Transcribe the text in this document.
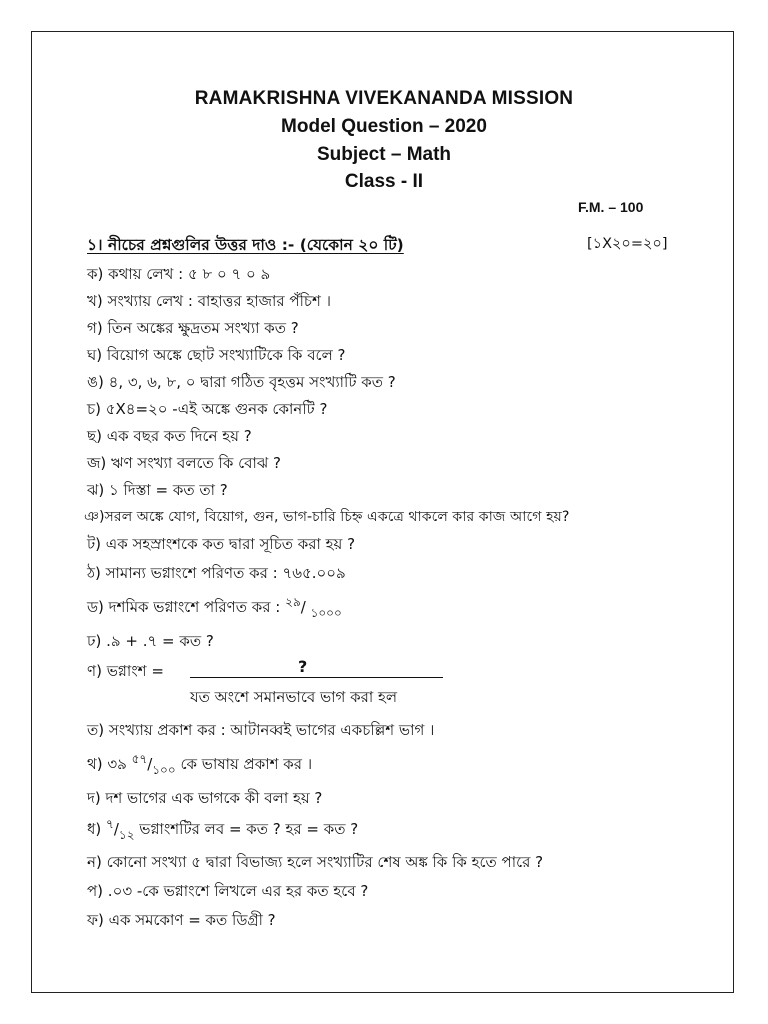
RAMAKRISHNA VIVEKANANDA MISSION
Model Question – 2020
Subject – Math
Class - II
F.M. – 100
১। নীচের প্রশ্নগুলির উত্তর দাও :- (যেকোন ২০ টি)	[১X২০=২০]
ক) কথায় লেখ : ৫ ৮ ০ ৭ ০ ৯
খ) সংখ্যায় লেখ : বাহাত্তর হাজার পঁচিশ ।
গ) তিন অঙ্কের ক্ষুদ্রতম সংখ্যা কত ?
ঘ) বিয়োগ অঙ্কে ছোট সংখ্যাটিকে কি বলে ?
ঙ) ৪, ৩, ৬, ৮, ০ দ্বারা গঠিত বৃহত্তম সংখ্যাটি কত ?
চ) ৫X৪=২০ -এই অঙ্কে গুনক কোনটি ?
ছ) এক বছর কত দিনে হয় ?
জ) ঋণ সংখ্যা বলতে কি বোঝ ?
ঝ) ১ দিস্তা = কত তা ?
ঞ)সরল অঙ্কে যোগ, বিয়োগ, গুন, ভাগ-চারি চিহ্ন একত্রে থাকলে কার কাজ আগে হয়?
ট) এক সহস্রাংশকে কত দ্বারা সূচিত করা হয় ?
ঠ) সামান্য ভগ্নাংশে পরিণত কর : ৭৬৫.০০৯
ড) দশমিক ভগ্নাংশে পরিণত কর : $^{২৯}$/ $_{১০০০}$
ঢ) .৯ + .৭ = কত ?
ণ) ভগ্নাংশ =	?
যত অংশে সমানভাবে ভাগ করা হল
ত) সংখ্যায় প্রকাশ কর : আটানব্বই ভাগের একচল্লিশ ভাগ ।
থ) ৩৯ $^{৫৭}/_{১০০}$ কে ভাষায় প্রকাশ কর ।
দ) দশ ভাগের এক ভাগকে কী বলা হয় ?
ধ) $^৭/_{১২}$ ভগ্নাংশটির লব = কত ? হর = কত ?
ন) কোনো সংখ্যা ৫ দ্বারা বিভাজ্য হলে সংখ্যাটির শেষ অঙ্ক কি কি হতে পারে ?
প) .০৩ -কে ভগ্নাংশে লিখলে এর হর কত হবে ?
ফ) এক সমকোণ = কত ডিগ্রী ?
